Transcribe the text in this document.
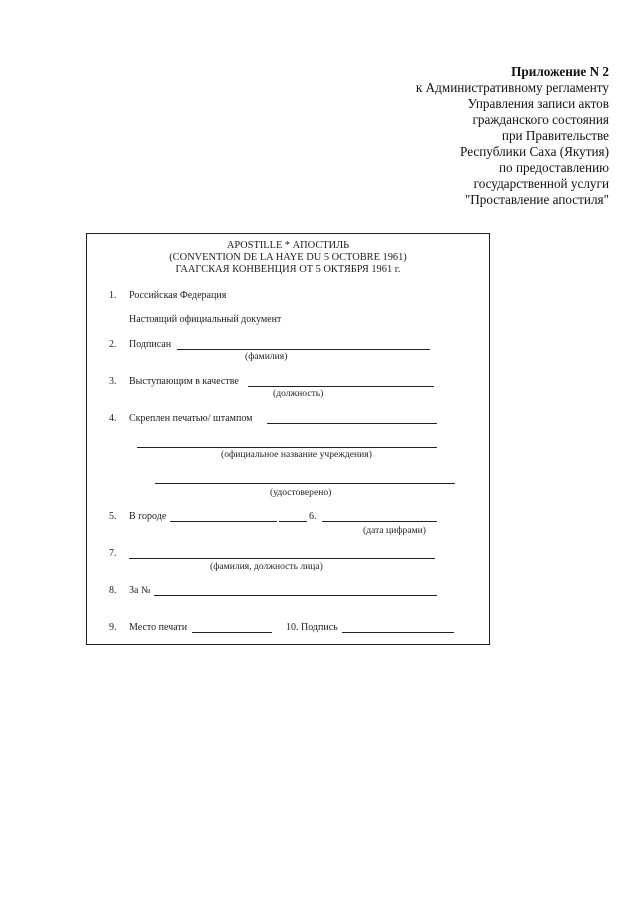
Приложение N 2
к Административному регламенту
Управления записи актов
гражданского состояния
при Правительстве
Республики Саха (Якутия)
по предоставлению
государственной услуги
"Проставление апостиля"
APOSTILLE * АПОСТИЛЬ
(CONVENTION DE LA HAYE DU 5 OCTOBRE 1961)
ГААГСКАЯ КОНВЕНЦИЯ ОТ 5 ОКТЯБРЯ 1961 г.
1. Российская Федерация
Настоящий официальный документ
2. Подписан
(фамилия)
3. Выступающим в качестве
(должность)
4. Скреплен печатью/ штампом
(официальное название учреждения)
(удостоверено)
5. В городе	6.
(дата цифрами)
7.
(фамилия, должность лица)
8. За №
9. Место печати	10. Подпись
